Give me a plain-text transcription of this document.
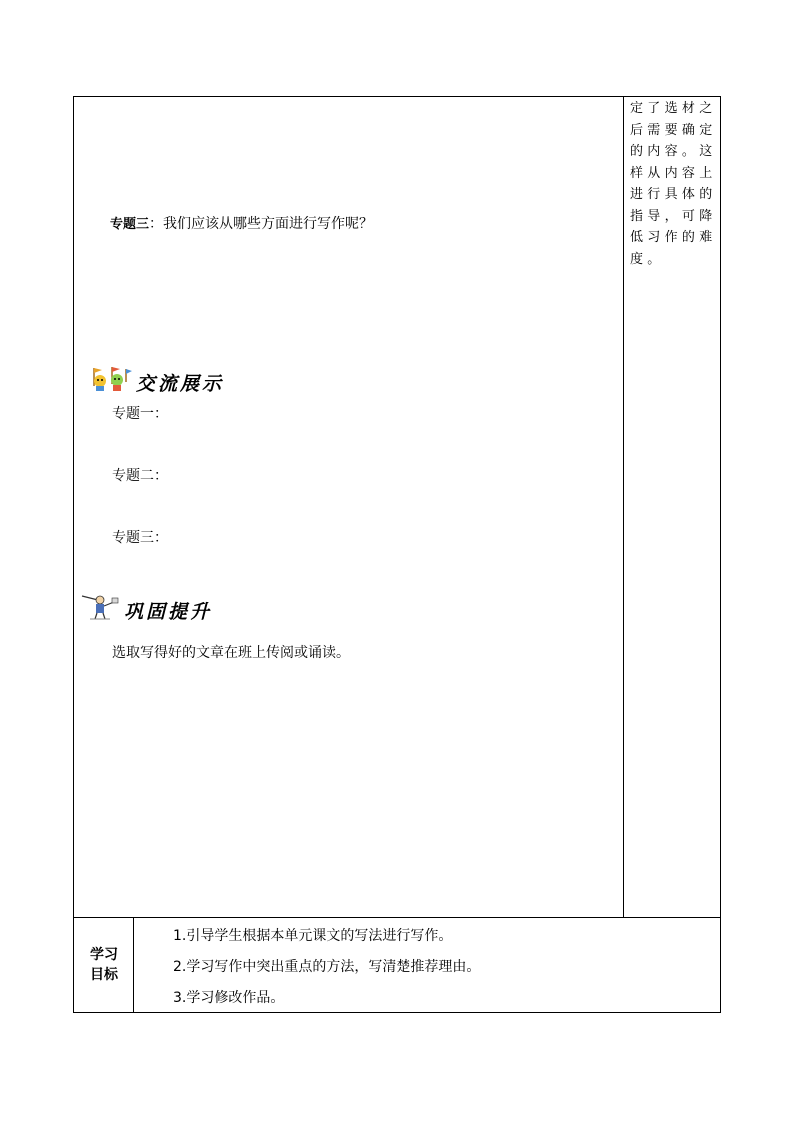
定了选材之后需要确定的内容。这样从内容上进行具体的指导，可降低习作的难度。
专题三：我们应该从哪些方面进行写作呢？
交流展示
专题一：
专题二：
专题三：
巩固提升
选取写得好的文章在班上传阅或诵读。
学习
目标
1.引导学生根据本单元课文的写法进行写作。
2.学习写作中突出重点的方法，写清楚推荐理由。
3.学习修改作品。
